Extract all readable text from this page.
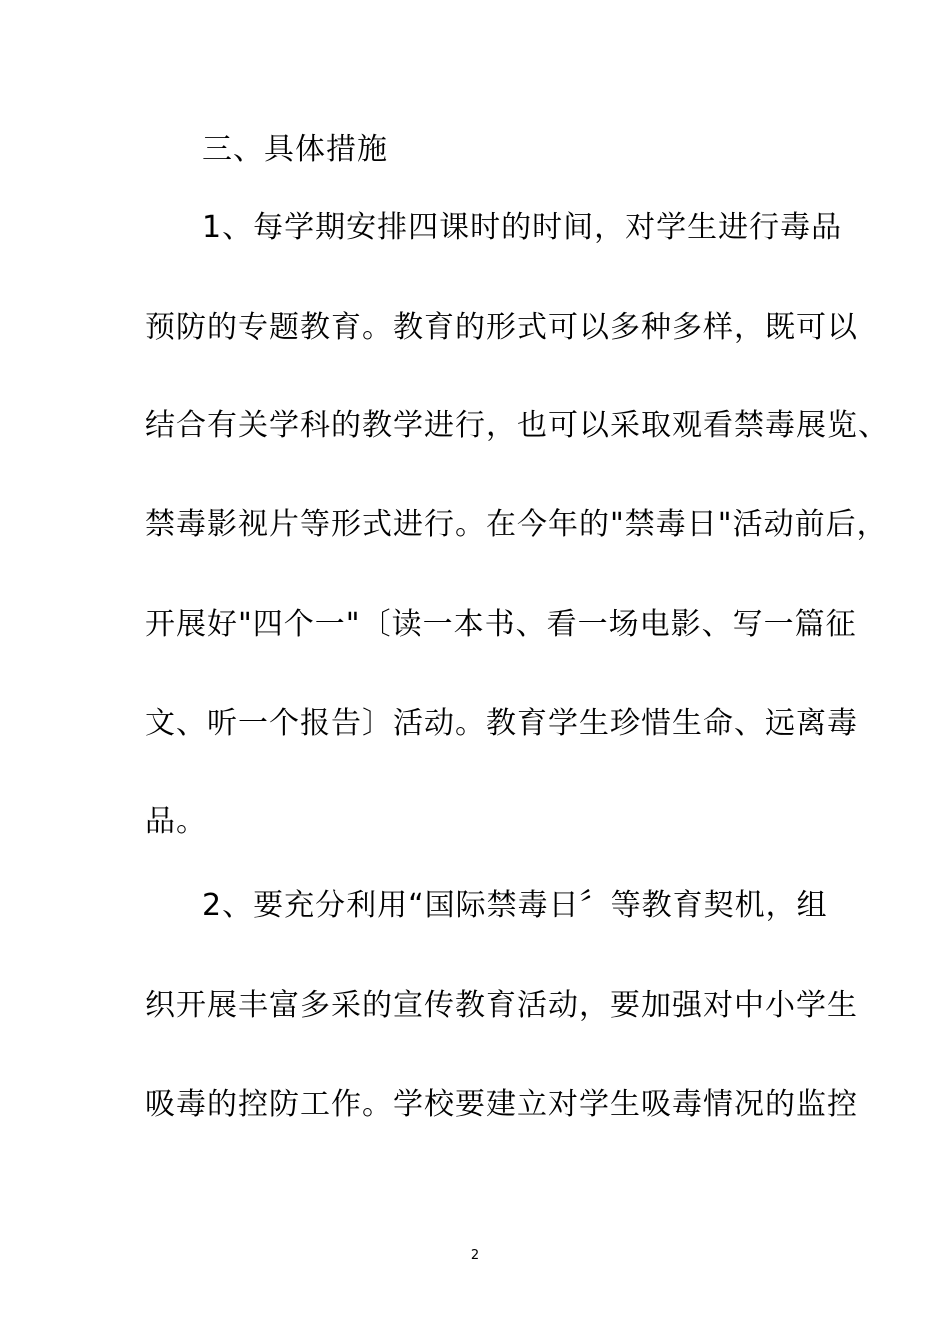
三、具体措施
1、每学期安排四课时的时间，对学生进行毒品
预防的专题教育。教育的形式可以多种多样，既可以
结合有关学科的教学进行，也可以采取观看禁毒展览、
禁毒影视片等形式进行。在今年的"禁毒日"活动前后，
开展好"四个一"〔读一本书、看一场电影、写一篇征
文、听一个报告〕活动。教育学生珍惜生命、远离毒
品。
2、要充分利用“国际禁毒日〞等教育契机，组
织开展丰富多采的宣传教育活动，要加强对中小学生
吸毒的控防工作。学校要建立对学生吸毒情况的监控
2
